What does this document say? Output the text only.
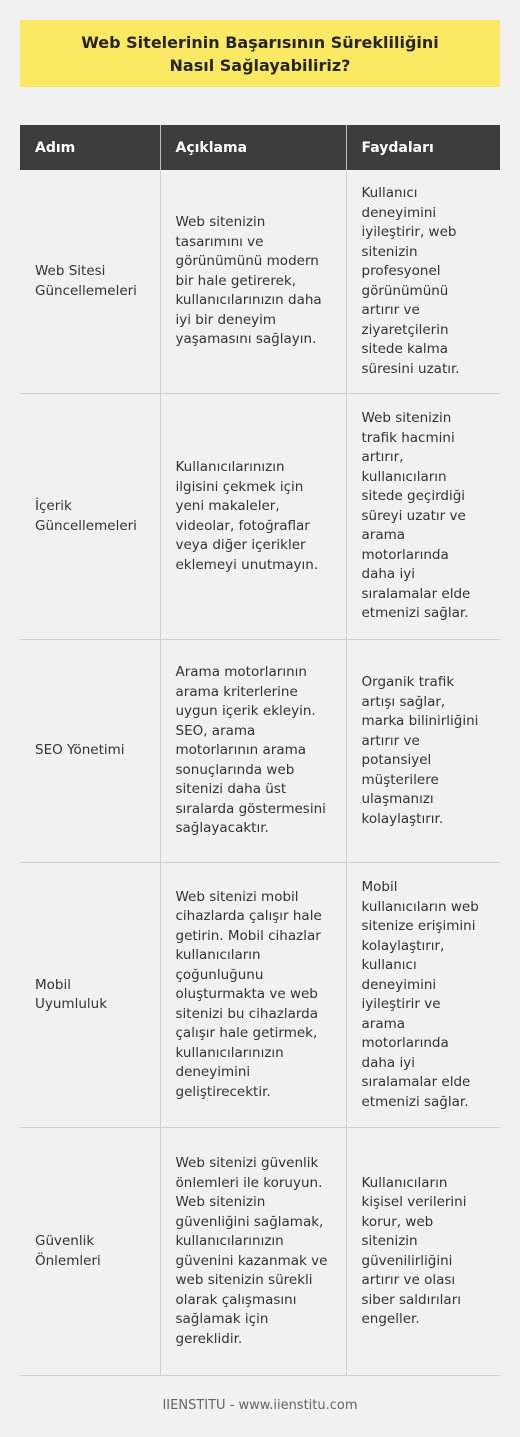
Web Sitelerinin Başarısının Sürekliliğini Nasıl Sağlayabiliriz?
Adım	Açıklama	Faydaları
Web Sitesi Güncellemeleri	Web sitenizin tasarımını ve görünümünü modern bir hale getirerek, kullanıcılarınızın daha iyi bir deneyim yaşamasını sağlayın.	Kullanıcı deneyimini iyileştirir, web sitenizin profesyonel görünümünü artırır ve ziyaretçilerin sitede kalma süresini uzatır.
İçerik Güncellemeleri	Kullanıcılarınızın ilgisini çekmek için yeni makaleler, videolar, fotoğraflar veya diğer içerikler eklemeyi unutmayın.	Web sitenizin trafik hacmini artırır, kullanıcıların sitede geçirdiği süreyi uzatır ve arama motorlarında daha iyi sıralamalar elde etmenizi sağlar.
SEO Yönetimi	Arama motorlarının arama kriterlerine uygun içerik ekleyin. SEO, arama motorlarının arama sonuçlarında web sitenizi daha üst sıralarda göstermesini sağlayacaktır.	Organik trafik artışı sağlar, marka bilinirliğini artırır ve potansiyel müşterilere ulaşmanızı kolaylaştırır.
Mobil Uyumluluk	Web sitenizi mobil cihazlarda çalışır hale getirin. Mobil cihazlar kullanıcıların çoğunluğunu oluşturmakta ve web sitenizi bu cihazlarda çalışır hale getirmek, kullanıcılarınızın deneyimini geliştirecektir.	Mobil kullanıcıların web sitenize erişimini kolaylaştırır, kullanıcı deneyimini iyileştirir ve arama motorlarında daha iyi sıralamalar elde etmenizi sağlar.
Güvenlik Önlemleri	Web sitenizi güvenlik önlemleri ile koruyun. Web sitenizin güvenliğini sağlamak, kullanıcılarınızın güvenini kazanmak ve web sitenizin sürekli olarak çalışmasını sağlamak için gereklidir.	Kullanıcıların kişisel verilerini korur, web sitenizin güvenilirliğini artırır ve olası siber saldırıları engeller.
IIENSTITU - www.iienstitu.com
